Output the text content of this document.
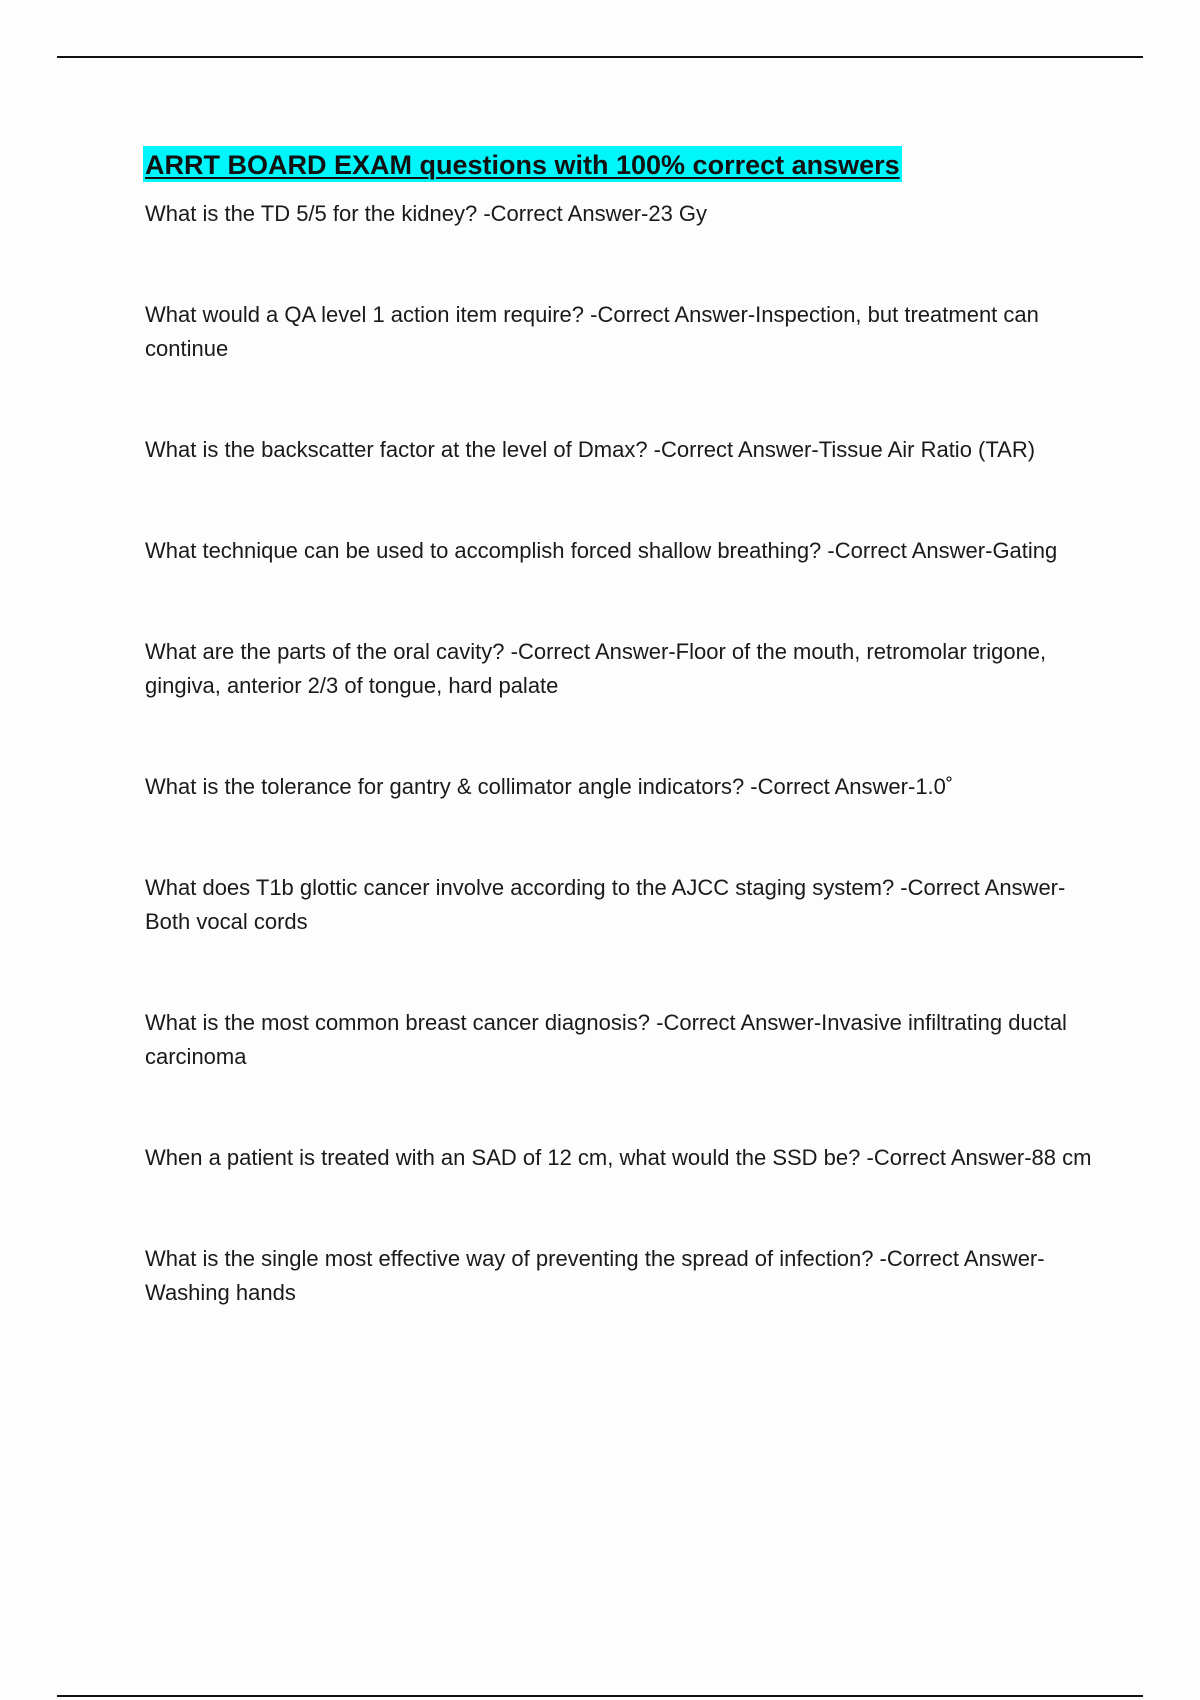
ARRT BOARD EXAM questions with 100% correct answers

What is the TD 5/5 for the kidney? -Correct Answer-23 Gy

What would a QA level 1 action item require? -Correct Answer-Inspection, but treatment can continue

What is the backscatter factor at the level of Dmax? -Correct Answer-Tissue Air Ratio (TAR)

What technique can be used to accomplish forced shallow breathing? -Correct Answer-Gating

What are the parts of the oral cavity? -Correct Answer-Floor of the mouth, retromolar trigone, gingiva, anterior 2/3 of tongue, hard palate

What is the tolerance for gantry & collimator angle indicators? -Correct Answer-1.0˚

What does T1b glottic cancer involve according to the AJCC staging system? -Correct Answer-Both vocal cords

What is the most common breast cancer diagnosis? -Correct Answer-Invasive infiltrating ductal carcinoma

When a patient is treated with an SAD of 12 cm, what would the SSD be? -Correct Answer-88 cm

What is the single most effective way of preventing the spread of infection? -Correct Answer-Washing hands
